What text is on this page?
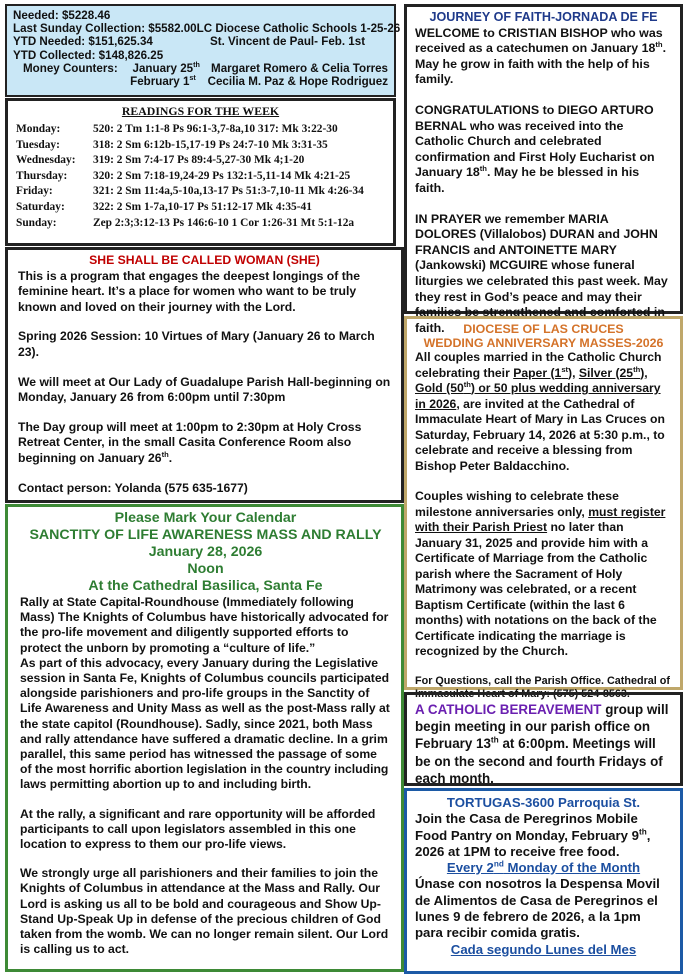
Needed: $5228.46
Last Sunday Collection: $5582.00 LC Diocese Catholic Schools 1-25-26
YTD Needed: $151,625.34	St. Vincent de Paul- Feb. 1st
YTD Collected: $148,826.25
Money Counters:	January 25th Margaret Romero & Celia Torres
February 1st	Cecilia M. Paz & Hope Rodriguez
READINGS FOR THE WEEK
Monday:	520: 2 Tm 1:1-8 Ps 96:1-3,7-8a,10 317: Mk 3:22-30
Tuesday:	318: 2 Sm 6:12b-15,17-19 Ps 24:7-10 Mk 3:31-35
Wednesday:	319: 2 Sm 7:4-17 Ps 89:4-5,27-30 Mk 4;1-20
Thursday:	320: 2 Sm 7:18-19,24-29 Ps 132:1-5,11-14 Mk 4:21-25
Friday:	321: 2 Sm 11:4a,5-10a,13-17 Ps 51:3-7,10-11 Mk 4:26-34
Saturday:	322: 2 Sm 1-7a,10-17 Ps 51:12-17 Mk 4:35-41
Sunday:	Zep 2:3;3:12-13 Ps 146:6-10 1 Cor 1:26-31 Mt 5:1-12a
SHE SHALL BE CALLED WOMAN (SHE)

This is a program that engages the deepest longings of the feminine heart. It’s a place for women who want to be truly known and loved on their journey with the Lord.

Spring 2026 Session: 10 Virtues of Mary (January 26 to March 23).

We will meet at Our Lady of Guadalupe Parish Hall-beginning on Monday, January 26 from 6:00pm until 7:30pm

The Day group will meet at 1:00pm to 2:30pm at Holy Cross Retreat Center, in the small Casita Conference Room also beginning on January 26th.

Contact person: Yolanda (575 635-1677)

Please Mark Your Calendar
SANCTITY OF LIFE AWARENESS MASS AND RALLY
January 28, 2026
Noon
At the Cathedral Basilica, Santa Fe

Rally at State Capital-Roundhouse (Immediately following Mass) The Knights of Columbus have historically advocated for the pro-life movement and diligently supported efforts to protect the unborn by promoting a “culture of life.”

As part of this advocacy, every January during the Legislative session in Santa Fe, Knights of Columbus councils participated alongside parishioners and pro-life groups in the Sanctity of Life Awareness and Unity Mass as well as the post-Mass rally at the state capitol (Roundhouse). Sadly, since 2021, both Mass and rally attendance have suffered a dramatic decline. In a grim parallel, this same period has witnessed the passage of some of the most horrific abortion legislation in the country including laws permitting abortion up to and including birth.

At the rally, a significant and rare opportunity will be afforded participants to call upon legislators assembled in this one location to express to them our pro-life views.

We strongly urge all parishioners and their families to join the Knights of Columbus in attendance at the Mass and Rally. Our Lord is asking us all to be bold and courageous and Show Up-Stand Up-Speak Up in defense of the precious children of God taken from the womb. We can no longer remain silent. Our Lord is calling us to act.

JOURNEY OF FAITH-JORNADA DE FE

WELCOME to CRISTIAN BISHOP who was received as a catechumen on January 18th. May he grow in faith with the help of his family.

CONGRATULATIONS to DIEGO ARTURO BERNAL who was received into the Catholic Church and celebrated confirmation and First Holy Eucharist on January 18th. May he be blessed in his faith.

IN PRAYER we remember MARIA DOLORES (Villalobos) DURAN and JOHN FRANCIS and ANTOINETTE MARY (Jankowski) MCGUIRE whose funeral liturgies we celebrated this past week. May they rest in God’s peace and may their families be strengthened and comforted in faith.	DIOCESE OF LAS CRUCES
WEDDING ANNIVERSARY MASSES-2026

All couples married in the Catholic Church celebrating their Paper (1st), Silver (25th), Gold (50th) or 50 plus wedding anniversary in 2026, are invited at the Cathedral of Immaculate Heart of Mary in Las Cruces on Saturday, February 14, 2026 at 5:30 p.m., to celebrate and receive a blessing from Bishop Peter Baldacchino.

Couples wishing to celebrate these milestone anniversaries only, must register with their Parish Priest no later than January 31, 2025 and provide him with a Certificate of Marriage from the Catholic parish where the Sacrament of Holy Matrimony was celebrated, or a recent Baptism Certificate (within the last 6 months) with notations on the back of the Certificate indicating the marriage is recognized by the Church.

For Questions, call the Parish Office. Cathedral of Immaculate Heart of Mary: (575) 524-8563.

A CATHOLIC BEREAVEMENT group will begin meeting in our parish office on February 13th at 6:00pm. Meetings will be on the second and fourth Fridays of each month.

TORTUGAS-3600 Parroquia St.

Join the Casa de Peregrinos Mobile Food Pantry on Monday, February 9th, 2026 at 1PM to receive free food.

Every 2nd Monday of the Month

Únase con nosotros la Despensa Movil de Alimentos de Casa de Peregrinos el lunes 9 de febrero de 2026, a la 1pm para recibir comida gratis.

Cada segundo Lunes del Mes
